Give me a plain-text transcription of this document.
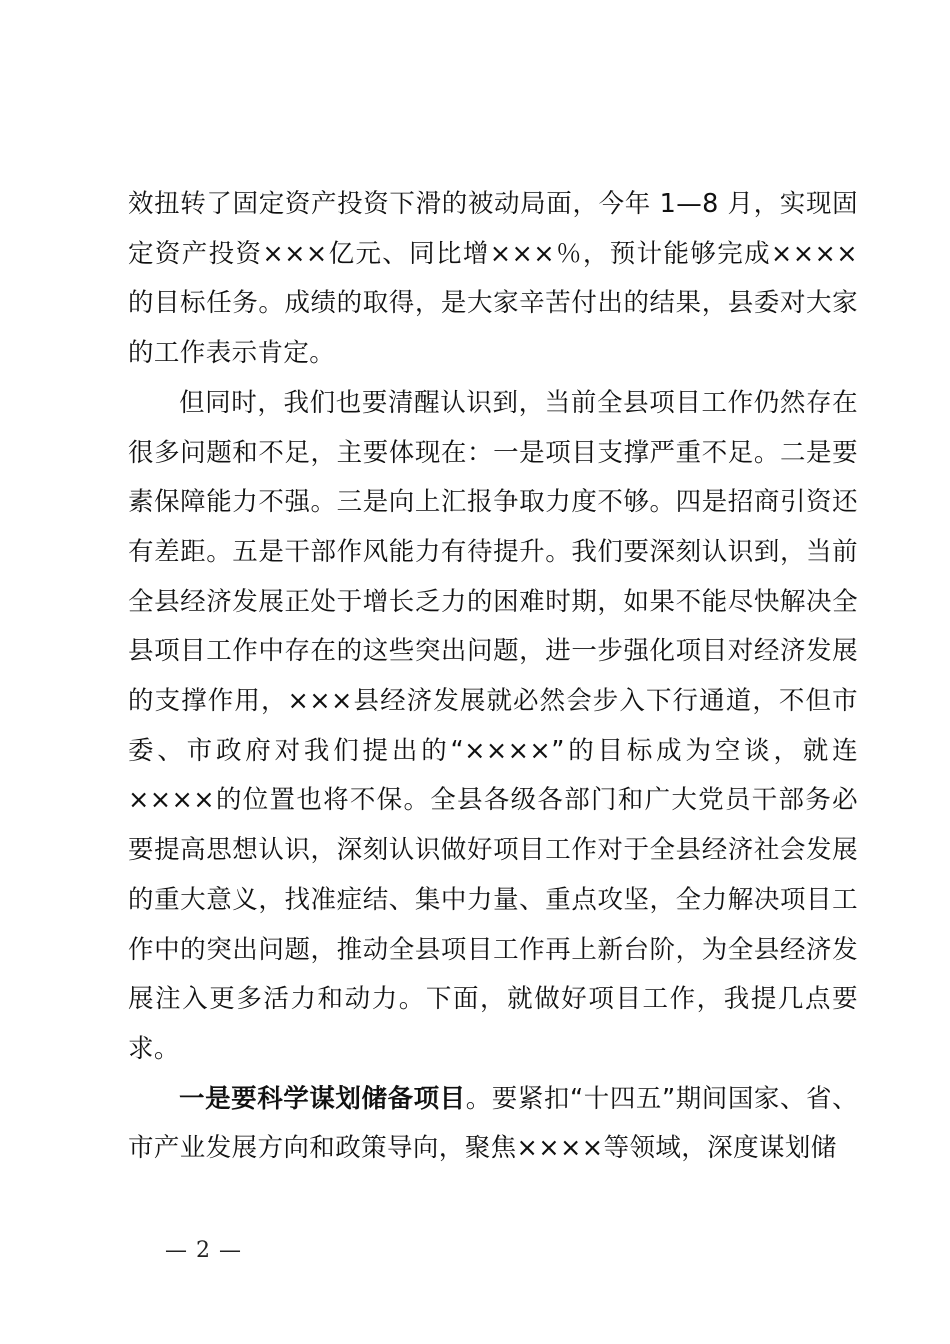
效扭转了固定资产投资下滑的被动局面，今年 1—8 月，实现固定资产投资×××亿元、同比增×××％，预计能够完成××××的目标任务。成绩的取得，是大家辛苦付出的结果，县委对大家的工作表示肯定。

但同时，我们也要清醒认识到，当前全县项目工作仍然存在很多问题和不足，主要体现在：一是项目支撑严重不足。二是要素保障能力不强。三是向上汇报争取力度不够。四是招商引资还有差距。五是干部作风能力有待提升。我们要深刻认识到，当前全县经济发展正处于增长乏力的困难时期，如果不能尽快解决全县项目工作中存在的这些突出问题，进一步强化项目对经济发展的支撑作用，×××县经济发展就必然会步入下行通道，不但市委、市政府对我们提出的“××××”的目标成为空谈，就连××××的位置也将不保。全县各级各部门和广大党员干部务必要提高思想认识，深刻认识做好项目工作对于全县经济社会发展的重大意义，找准症结、集中力量、重点攻坚，全力解决项目工作中的突出问题，推动全县项目工作再上新台阶，为全县经济发展注入更多活力和动力。下面，就做好项目工作，我提几点要求。

一是要科学谋划储备项目。要紧扣“十四五”期间国家、省、市产业发展方向和政策导向，聚焦××××等领域，深度谋划储

— 2 —
